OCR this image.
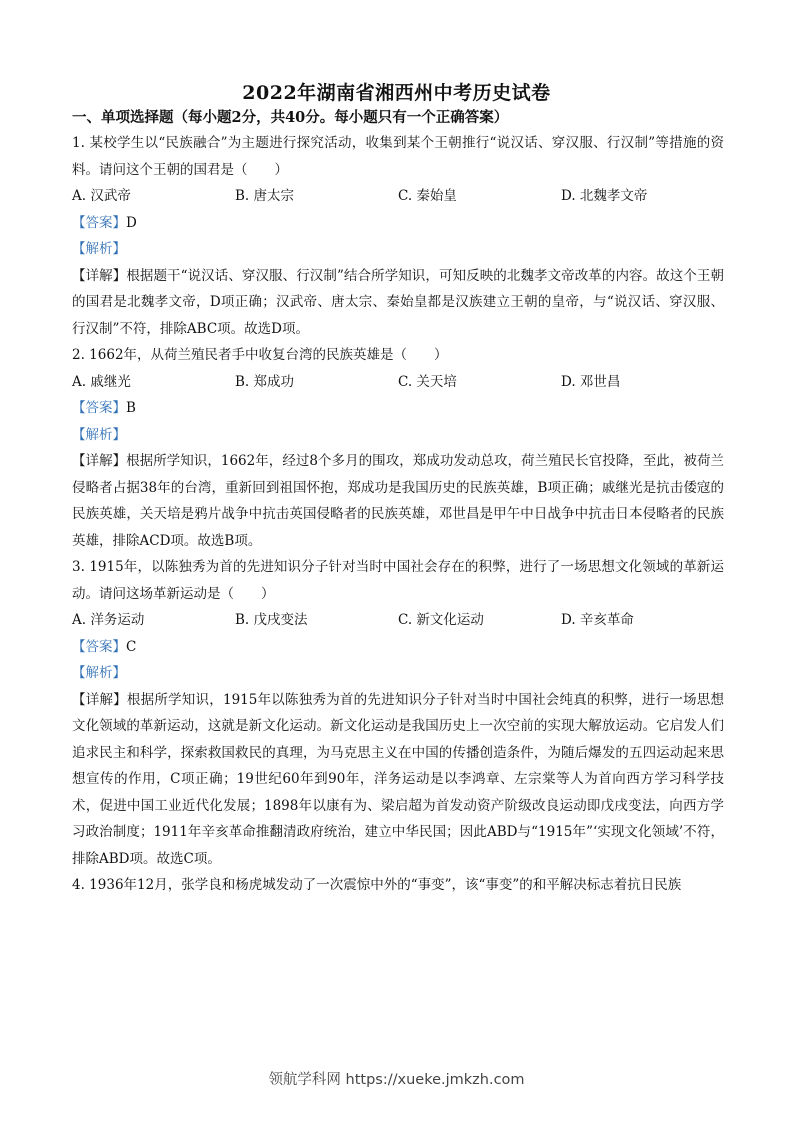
2022年湖南省湘西州中考历史试卷

一、单项选择题（每小题2分，共40分。每小题只有一个正确答案）

1. 某校学生以“民族融合”为主题进行探究活动，收集到某个王朝推行“说汉话、穿汉服、行汉制”等措施的资料。请问这个王朝的国君是（　　）

A. 汉武帝	B. 唐太宗	C. 秦始皇	D. 北魏孝文帝

【答案】D

【解析】

【详解】根据题干“说汉话、穿汉服、行汉制”结合所学知识，可知反映的北魏孝文帝改革的内容。故这个王朝的国君是北魏孝文帝，D项正确；汉武帝、唐太宗、秦始皇都是汉族建立王朝的皇帝，与“说汉话、穿汉服、行汉制”不符，排除ABC项。故选D项。

2. 1662年，从荷兰殖民者手中收复台湾的民族英雄是（　　）

A. 戚继光	B. 郑成功	C. 关天培	D. 邓世昌

【答案】B

【解析】

【详解】根据所学知识，1662年，经过8个多月的围攻，郑成功发动总攻，荷兰殖民长官投降，至此，被荷兰侵略者占据38年的台湾，重新回到祖国怀抱，郑成功是我国历史的民族英雄，B项正确；戚继光是抗击倭寇的民族英雄，关天培是鸦片战争中抗击英国侵略者的民族英雄，邓世昌是甲午中日战争中抗击日本侵略者的民族英雄，排除ACD项。故选B项。

3. 1915年，以陈独秀为首的先进知识分子针对当时中国社会存在的积弊，进行了一场思想文化领域的革新运动。请问这场革新运动是（　　）

A. 洋务运动	B. 戊戌变法	C. 新文化运动	D. 辛亥革命

【答案】C

【解析】

【详解】根据所学知识，1915年以陈独秀为首的先进知识分子针对当时中国社会纯真的积弊，进行一场思想文化领域的革新运动，这就是新文化运动。新文化运动是我国历史上一次空前的实现大解放运动。它启发人们追求民主和科学，探索救国救民的真理，为马克思主义在中国的传播创造条件，为随后爆发的五四运动起来思想宣传的作用，C项正确；19世纪60年到90年，洋务运动是以李鸿章、左宗棠等人为首向西方学习科学技术，促进中国工业近代化发展；1898年以康有为、梁启超为首发动资产阶级改良运动即戊戌变法，向西方学习政治制度；1911年辛亥革命推翻清政府统治，建立中华民国；因此ABD与“1915年”‘实现文化领域’不符，排除ABD项。故选C项。

4. 1936年12月，张学良和杨虎城发动了一次震惊中外的“事变”，该“事变”的和平解决标志着抗日民族

领航学科网 https://xueke.jmkzh.com
